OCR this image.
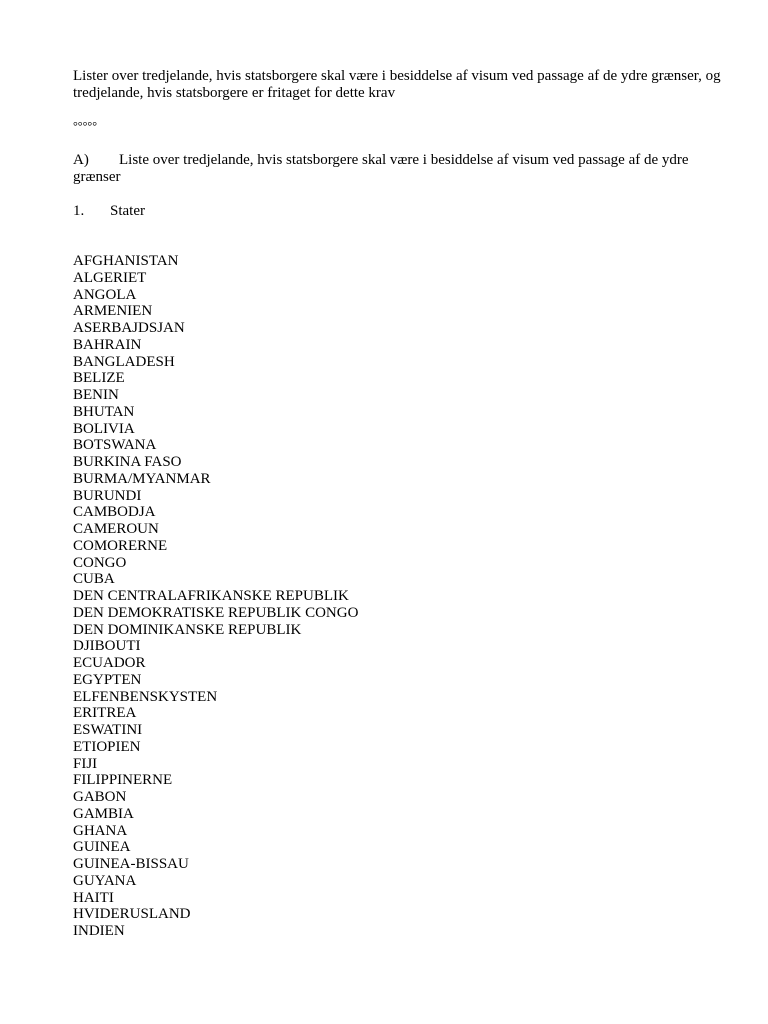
Lister over tredjelande, hvis statsborgere skal være i besiddelse af visum ved passage af de ydre grænser, og tredjelande, hvis statsborgere er fritaget for dette krav

°°°°°

A) Liste over tredjelande, hvis statsborgere skal være i besiddelse af visum ved passage af de ydre grænser

1. Stater

AFGHANISTAN
ALGERIET
ANGOLA
ARMENIEN
ASERBAJDSJAN
BAHRAIN
BANGLADESH
BELIZE
BENIN
BHUTAN
BOLIVIA
BOTSWANA
BURKINA FASO
BURMA/MYANMAR
BURUNDI
CAMBODJA
CAMEROUN
COMORERNE
CONGO
CUBA
DEN CENTRALAFRIKANSKE REPUBLIK
DEN DEMOKRATISKE REPUBLIK CONGO
DEN DOMINIKANSKE REPUBLIK
DJIBOUTI
ECUADOR
EGYPTEN
ELFENBENSKYSTEN
ERITREA
ESWATINI
ETIOPIEN
FIJI
FILIPPINERNE
GABON
GAMBIA
GHANA
GUINEA
GUINEA-BISSAU
GUYANA
HAITI
HVIDERUSLAND
INDIEN
